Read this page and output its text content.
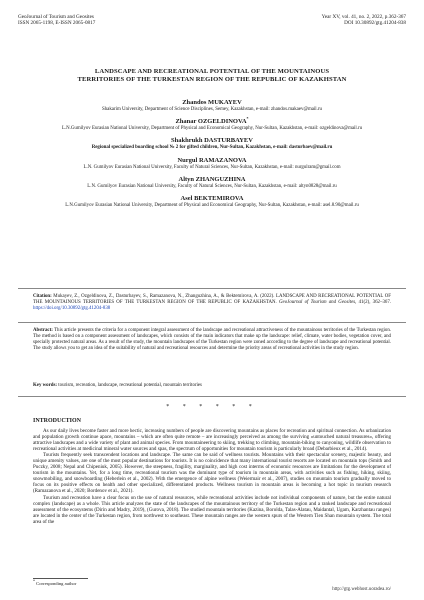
GeoJournal of Tourism and Geosites
ISSN 2065-1198, E-ISSN 2065-0817
Year XV, vol. 41, no. 2, 2022, p.362-367
DOI 10.30892/gtg.41204-838
LANDSCAPE AND RECREATIONAL POTENTIAL OF THE MOUNTAINOUS
TERRITORIES OF THE TURKESTAN REGION OF THE REPUBLIC OF KAZAKHSTAN
Zhandos MUKAYEV
Shakarim University, Department of Science Disciplines, Semey, Kazakhstan, e-mail: zhandos.makaev@mail.ru
Zhanar OZGELDINOVA*
L.N.Gumilyov Eurasian National University, Department of Physical and Economical Geography, Nur-Sultan, Kazakhstan, e-mail: ozgeldinova@mail.ru
Shakhrukh DASTURBAYEV
Regional specialized boarding school № 2 for gifted children, Nur-Sultan, Kazakhstan, e-mail: dasturbaev@mail.ru
Nurgul RAMAZANOVA
L.N. Gumilyov Eurasian National University, Faculty of Natural Sciences, Nur-Sultan, Kazakhstan, e-mail: nurgulram@gmail.com
Altyn ZHANGUZHINA
L.N. Gumilyov Eurasian National University, Faculty of Natural Sciences, Nur-Sultan, Kazakhstan, e-mail: altyn0828@mail.ru
Asel BEKTEMIROVA
L.N.Gumilyov Eurasian National University, Department of Physical and Economical Geography, Nur-Sultan, Kazakhstan, e-mail: asel.8.90@mail.ru
Citation: Mukayev, Z., Ozgeldinova, Z., Dasturbayev, S., Ramazanova, N., Zhanguzhina, A., & Bektemirova, A. (2022). LANDSCAPE AND RECREATIONAL POTENTIAL OF THE MOUNTAINOUS TERRITORIES OF THE TURKESTAN REGION OF THE REPUBLIC OF KAZAKHSTAN. GeoJournal of Tourism and Geosites, 41(2), 362–367. https://doi.org/10.30892/gtg.41204-838
Abstract: This article presents the criteria for a component integral assessment of the landscape and recreational attractiveness of the mountainous territories of the Turkestan region. The method is based on a component assessment of landscapes, which consists of the main indicators that make up the landscape: relief, climate, water bodies, vegetation cover, and specially protected natural areas. As a result of the study, the mountain landscapes of the Turkestan region were zoned according to the degree of landscape and recreational potential. The study allows you to get an idea of the suitability of natural and recreational resources and determine the priority areas of recreational activities in the study region.
Key words: tourism, recreation, landscape, recreational potential, mountain territories
* * * * * *
INTRODUCTION

As our daily lives become faster and more hectic, increasing numbers of people are discovering mountains as places for recreation and spiritual connection. As urbanization and population growth continue apace, mountains – which are often quite remote – are increasingly perceived as among the surviving «untouched natural treasures», offering attractive landscapes and a wide variety of plant and animal species. From mountaineering to skiing, trekking to climbing, mountain-biking to canyoning, wildlife observation to recreational activities at medicinal mineral water sources and spas, the spectrum of opportunities for mountain tourism is particularly broad (Debarbieux et al., 2014).

Tourists frequently seek transcendent locations and landscape. The same can be said of wellness tourists. Mountains with their spectacular scenery, majestic beauty, and unique amenity values, are one of the most popular destinations for tourists. It is no coincidence that many international tourist resorts are located on mountain tops (Smith and Puczky, 2008; Nepal and Chipeniuk, 2005). However, the steepness, fragility, marginality, and high cost interms of economic resources are limitations for the development of tourism in the mountains. Yet, for a long time, recreational tourism was the dominant type of tourism in mountain areas, with activities such as fishing, hiking, skiing, snowmobiling, and snowboarding (Heberlein et al., 2002). With the emergence of alpine wellness (Weiermair et al., 2007), studies on mountain tourism gradually moved to focus on its positive effects on health and other specialized, differentiated products. Wellness tourism in mountain areas is becoming a hot topic in tourism research (Ramazanova et al., 2020; Bordenov et al., 2021).

Tourism and recreation have a clear focus on the use of natural resources, while recreational activities include not individual components of nature, but the entire natural complex (landscape) as a whole. This article analyzes the state of the landscapes of the mountainous territory of the Turkestan region and a ranked landscape and recreational assessment of the ecosystems (Dirin and Madry, 2019), (Gurova, 2018). The studied mountain territories (Kazina, Borolda, Talas-Alatau, Maidantal, Ugam, Karzhantau ranges) are located in the center of the Turkestan region, from northwest to southeast. These mountain ranges are the western spurs of the Western Tien Shan mountain system. The total area of the

* Corresponding author
http://gtg.webhost.uoradea.ro/
